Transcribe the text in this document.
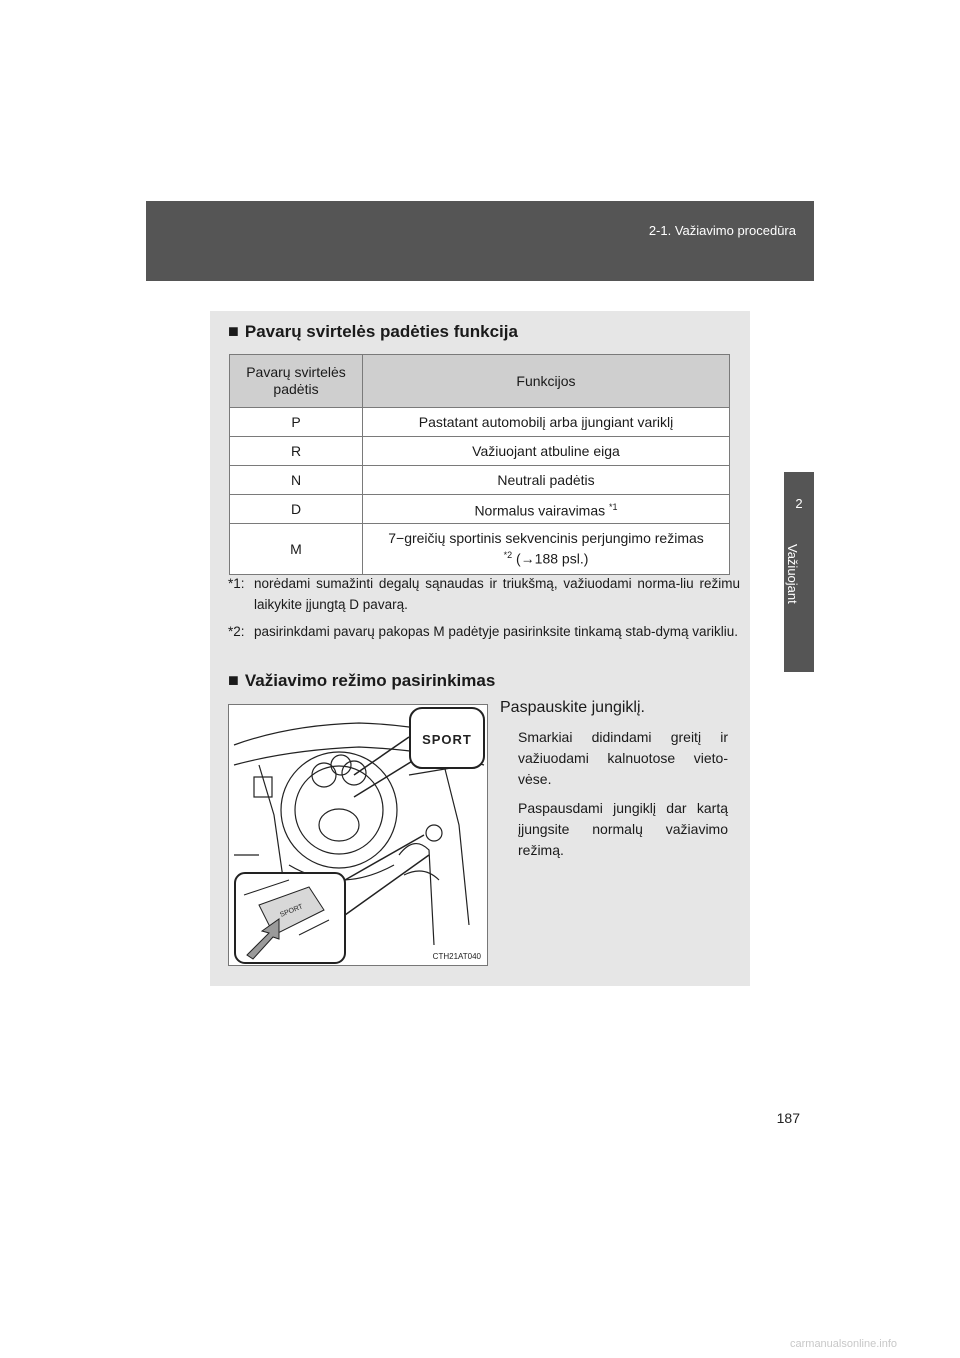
2-1. Važiavimo procedūra
2
Važiuojant
■ Pavarų svirtelės padėties funkcija
Pavarų svirtelės padėtis	Funkcijos
P	Pastatant automobilį arba įjungiant variklį
R	Važiuojant atbuline eiga
N	Neutrali padėtis
D	Normalus vairavimas $^{*1}$
M	7−greičių sportinis sekvencinis perjungimo režimas
$^{*2}$ (→188 psl.)
*1: norėdami sumažinti degalų sąnaudas ir triukšmą, važiuodami norma-liu režimu laikykite įjungtą D pavarą.
*2: pasirinkdami pavarų pakopas M padėtyje pasirinksite tinkamą stab-dymą varikliu.
■ Važiavimo režimo pasirinkimas
SPORT
SPORT
CTH21AT040

Paspauskite jungiklį.

Smarkiai didindami greitį ir važiuodami kalnuotose vieto-vėse.

Paspausdami jungiklį dar kartą įjungsite normalų važiavimo režimą.

187
carmanualsonline.info
